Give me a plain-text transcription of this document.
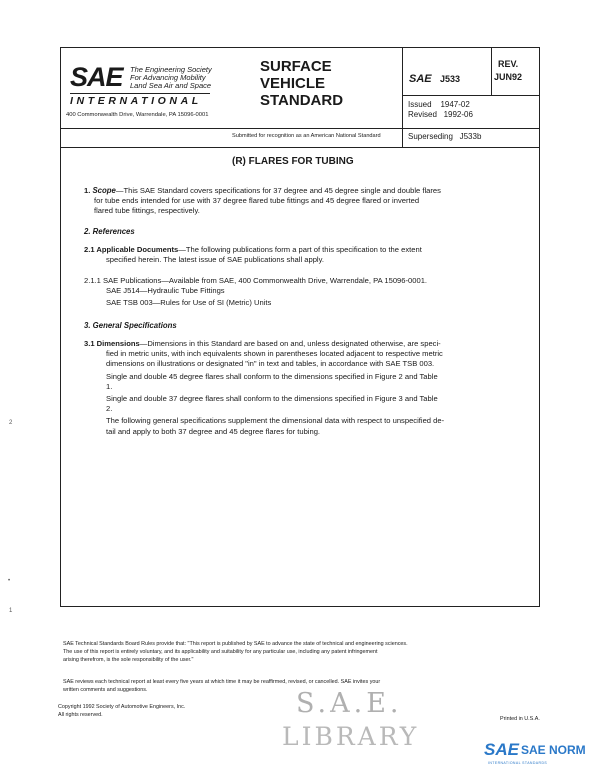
SAE The Engineering Society
For Advancing Mobility
Land Sea Air and Space
INTERNATIONAL
400 Commonwealth Drive, Warrendale, PA 15096-0001
SURFACE
VEHICLE
STANDARD
SAE J533
REV.
JUN92
Issued    1947-02
Revised   1992-06
Submitted for recognition as an American National Standard	Superseding   J533b
(R) FLARES FOR TUBING
1. Scope—This SAE Standard covers specifications for 37 degree and 45 degree single and double flares
for tube ends intended for use with 37 degree flared tube fittings and 45 degree flared or inverted
flared tube fittings, respectively.
2. References
2.1 Applicable Documents—The following publications form a part of this specification to the extent
specified herein. The latest issue of SAE publications shall apply.
2.1.1 SAE Publications—Available from SAE, 400 Commonwealth Drive, Warrendale, PA 15096-0001.
SAE J514—Hydraulic Tube Fittings
SAE TSB 003—Rules for Use of SI (Metric) Units
3. General Specifications
3.1 Dimensions—Dimensions in this Standard are based on and, unless designated otherwise, are speci-
fied in metric units, with inch equivalents shown in parentheses located adjacent to respective metric
dimensions on illustrations or designated "in" in text and tables, in accordance with SAE TSB 003.
Single and double 45 degree flares shall conform to the dimensions specified in Figure 2 and Table
1.
Single and double 37 degree flares shall conform to the dimensions specified in Figure 3 and Table
2.
The following general specifications supplement the dimensional data with respect to unspecified de-
tail and apply to both 37 degree and 45 degree flares for tubing.
•
1
2
SAE Technical Standards Board Rules provide that: "This report is published by SAE to advance the state of technical and engineering sciences.
The use of this report is entirely voluntary, and its applicability and suitability for any particular use, including any patent infringement
arising therefrom, is the sole responsibility of the user."
SAE reviews each technical report at least every five years at which time it may be reaffirmed, revised, or cancelled. SAE invites your
written comments and suggestions.
Copyright 1992 Society of Automotive Engineers, Inc.
All rights reserved.
Printed in U.S.A.
S.A.E.
LIBRARY	SAE SAE NORM
INTERNATIONAL STANDARDS
